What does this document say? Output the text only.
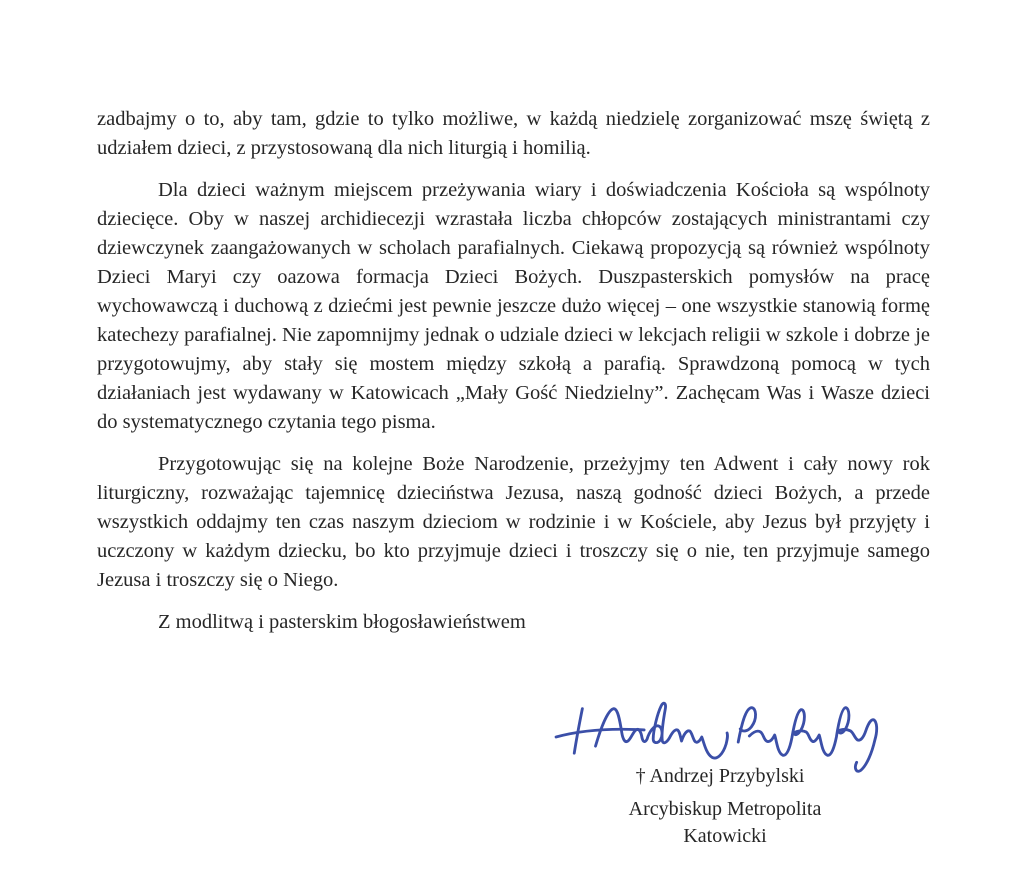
zadbajmy o to, aby tam, gdzie to tylko możliwe, w każdą niedzielę zorganizować mszę świętą z udziałem dzieci, z przystosowaną dla nich liturgią i homilią.

Dla dzieci ważnym miejscem przeżywania wiary i doświadczenia Kościoła są wspólnoty dziecięce. Oby w naszej archidiecezji wzrastała liczba chłopców zostających ministrantami czy dziewczynek zaangażowanych w scholach parafialnych. Ciekawą propozycją są również wspólnoty Dzieci Maryi czy oazowa formacja Dzieci Bożych. Duszpasterskich pomysłów na pracę wychowawczą i duchową z dziećmi jest pewnie jeszcze dużo więcej – one wszystkie stanowią formę katechezy parafialnej. Nie zapomnijmy jednak o udziale dzieci w lekcjach religii w szkole i dobrze je przygotowujmy, aby stały się mostem między szkołą a parafią. Sprawdzoną pomocą w tych działaniach jest wydawany w Katowicach „Mały Gość Niedzielny”. Zachęcam Was i Wasze dzieci do systematycznego czytania tego pisma.

Przygotowując się na kolejne Boże Narodzenie, przeżyjmy ten Adwent i cały nowy rok liturgiczny, rozważając tajemnicę dzieciństwa Jezusa, naszą godność dzieci Bożych, a przede wszystkich oddajmy ten czas naszym dzieciom w rodzinie i w Kościele, aby Jezus był przyjęty i uczczony w każdym dziecku, bo kto przyjmuje dzieci i troszczy się o nie, ten przyjmuje samego Jezusa i troszczy się o Niego.

Z modlitwą i pasterskim błogosławieństwem

† Andrzej Przybylski
Arcybiskup Metropolita
Katowicki
